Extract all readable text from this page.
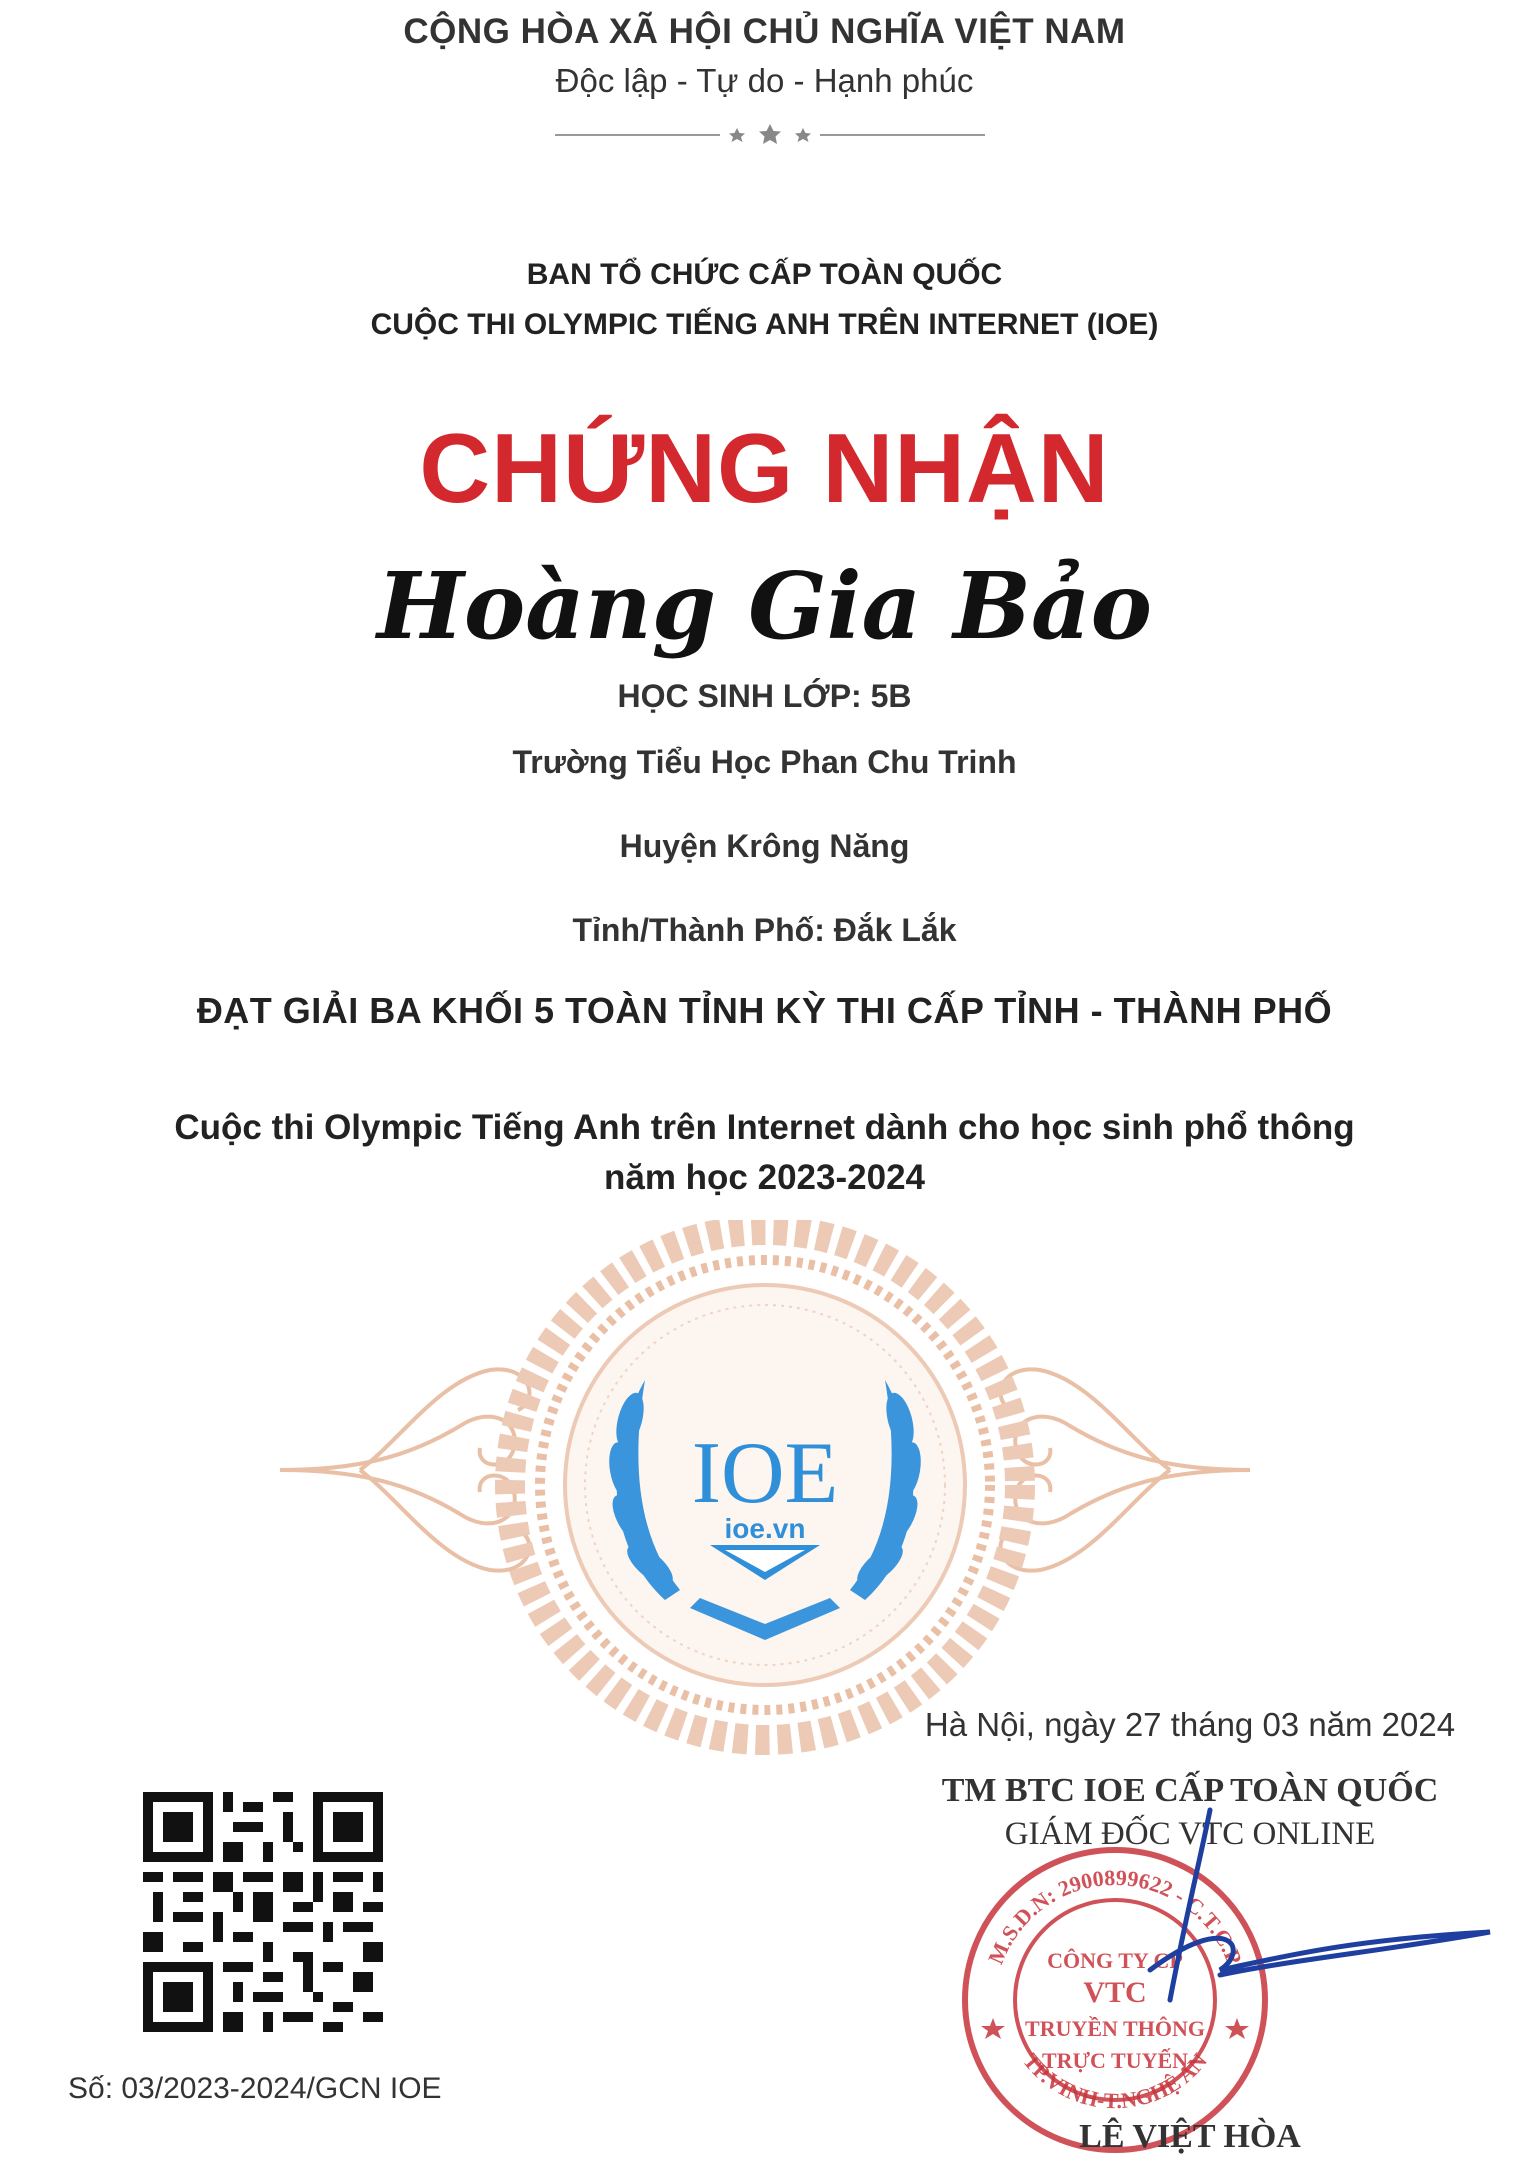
CỘNG HÒA XÃ HỘI CHỦ NGHĨA VIỆT NAM
Độc lập - Tự do - Hạnh phúc
BAN TỔ CHỨC CẤP TOÀN QUỐC
CUỘC THI OLYMPIC TIẾNG ANH TRÊN INTERNET (IOE)
CHỨNG NHẬN
Hoàng Gia Bảo
HỌC SINH LỚP: 5B
Trường Tiểu Học Phan Chu Trinh
Huyện Krông Năng
Tỉnh/Thành Phố: Đắk Lắk
ĐẠT GIẢI BA KHỐI 5 TOÀN TỈNH KỲ THI CẤP TỈNH - THÀNH PHỐ
Cuộc thi Olympic Tiếng Anh trên Internet dành cho học sinh phổ thông
năm học 2023-2024
IOE
ioe.vn
Hà Nội, ngày 27 tháng 03 năm 2024
TM BTC IOE CẤP TOÀN QUỐC
GIÁM ĐỐC VTC ONLINE
M.S.D.N: 2900899622 - C.T.C.P
TP.VINH-T.NGHỆ AN
CÔNG TY CP
VTC
TRUYỀN THÔNG
TRỰC TUYẾN
LÊ VIỆT HÒA
Số: 03/2023-2024/GCN IOE
